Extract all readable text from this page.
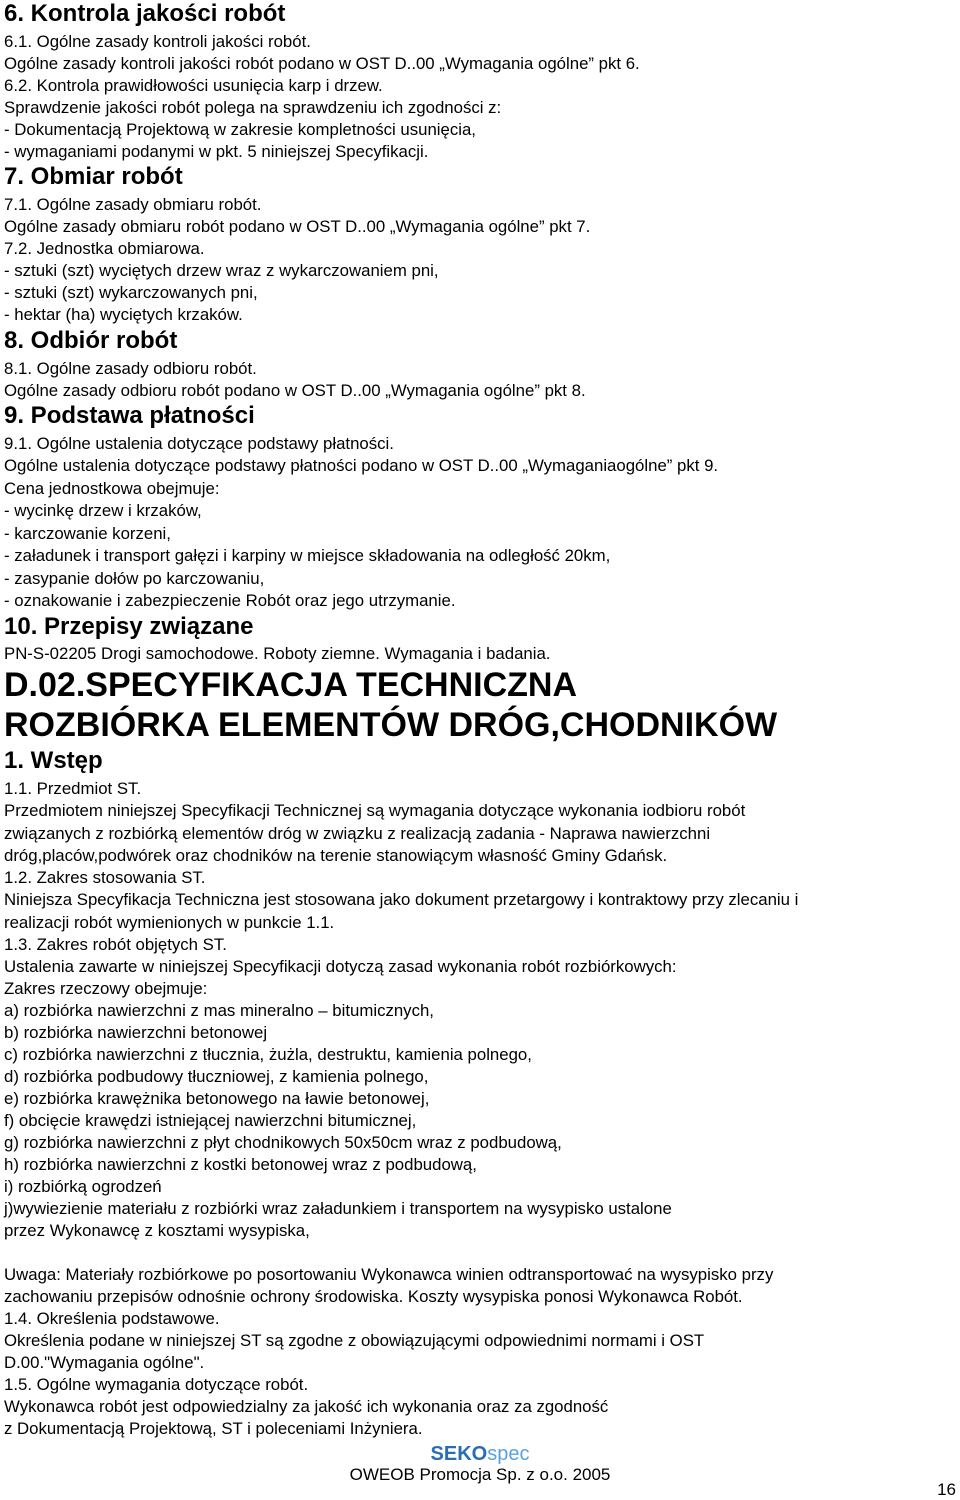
6. Kontrola jakości robót
6.1. Ogólne zasady kontroli jakości robót.
Ogólne zasady kontroli jakości robót podano w OST D..00 „Wymagania ogólne” pkt 6.
6.2. Kontrola prawidłowości usunięcia karp i drzew.
Sprawdzenie jakości robót polega na sprawdzeniu ich zgodności z:
- Dokumentacją Projektową w zakresie kompletności usunięcia,
- wymaganiami podanymi w pkt. 5 niniejszej Specyfikacji.
7. Obmiar robót
7.1. Ogólne zasady obmiaru robót.
Ogólne zasady obmiaru robót podano w OST D..00 „Wymagania ogólne” pkt 7.
7.2. Jednostka obmiarowa.
- sztuki (szt) wyciętych drzew wraz z wykarczowaniem pni,
- sztuki (szt) wykarczowanych pni,
- hektar (ha) wyciętych krzaków.
8. Odbiór robót
8.1. Ogólne zasady odbioru robót.
Ogólne zasady odbioru robót podano w OST D..00 „Wymagania ogólne” pkt 8.
9. Podstawa płatności
9.1. Ogólne ustalenia dotyczące podstawy płatności.
Ogólne ustalenia dotyczące podstawy płatności podano w OST D..00 „Wymaganiaogólne” pkt 9.
Cena jednostkowa obejmuje:
- wycinkę drzew i krzaków,
- karczowanie korzeni,
- załadunek i transport gałęzi i karpiny w miejsce składowania na odległość 20km,
- zasypanie dołów po karczowaniu,
- oznakowanie i zabezpieczenie Robót oraz jego utrzymanie.
10. Przepisy związane
PN-S-02205 Drogi samochodowe. Roboty ziemne. Wymagania i badania.
D.02.SPECYFIKACJA TECHNICZNA
ROZBIÓRKA ELEMENTÓW DRÓG,CHODNIKÓW
1. Wstęp
1.1. Przedmiot ST.
Przedmiotem niniejszej Specyfikacji Technicznej są wymagania dotyczące wykonania iodbioru robót
związanych z rozbiórką elementów dróg w związku z realizacją zadania - Naprawa nawierzchni
dróg,placów,podwórek oraz chodników na terenie stanowiącym własność Gminy Gdańsk.
1.2. Zakres stosowania ST.
Niniejsza Specyfikacja Techniczna jest stosowana jako dokument przetargowy i kontraktowy przy zlecaniu i
realizacji robót wymienionych w punkcie 1.1.
1.3. Zakres robót objętych ST.
Ustalenia zawarte w niniejszej Specyfikacji dotyczą zasad wykonania robót rozbiórkowych:
Zakres rzeczowy obejmuje:
a) rozbiórka nawierzchni z mas mineralno – bitumicznych,
b) rozbiórka nawierzchni betonowej
c) rozbiórka nawierzchni z tłucznia, żużla, destruktu, kamienia polnego,
d) rozbiórka podbudowy tłuczniowej, z kamienia polnego,
e) rozbiórka krawężnika betonowego na ławie betonowej,
f) obcięcie krawędzi istniejącej nawierzchni bitumicznej,
g) rozbiórka nawierzchni z płyt chodnikowych 50x50cm wraz z podbudową,
h) rozbiórka nawierzchni z kostki betonowej wraz z podbudową,
i) rozbiórką ogrodzeń
j)wywiezienie materiału z rozbiórki wraz załadunkiem i transportem na wysypisko ustalone
przez Wykonawcę z kosztami wysypiska,
Uwaga: Materiały rozbiórkowe po posortowaniu Wykonawca winien odtransportować na wysypisko przy
zachowaniu przepisów odnośnie ochrony środowiska. Koszty wysypiska ponosi Wykonawca Robót.
1.4. Określenia podstawowe.
Określenia podane w niniejszej ST są zgodne z obowiązującymi odpowiednimi normami i OST
D.00."Wymagania ogólne".
1.5. Ogólne wymagania dotyczące robót.
Wykonawca robót jest odpowiedzialny za jakość ich wykonania oraz za zgodność
z Dokumentacją Projektową, ST i poleceniami Inżyniera.
SEKOspec
OWEOB Promocja Sp. z o.o. 2005
16
